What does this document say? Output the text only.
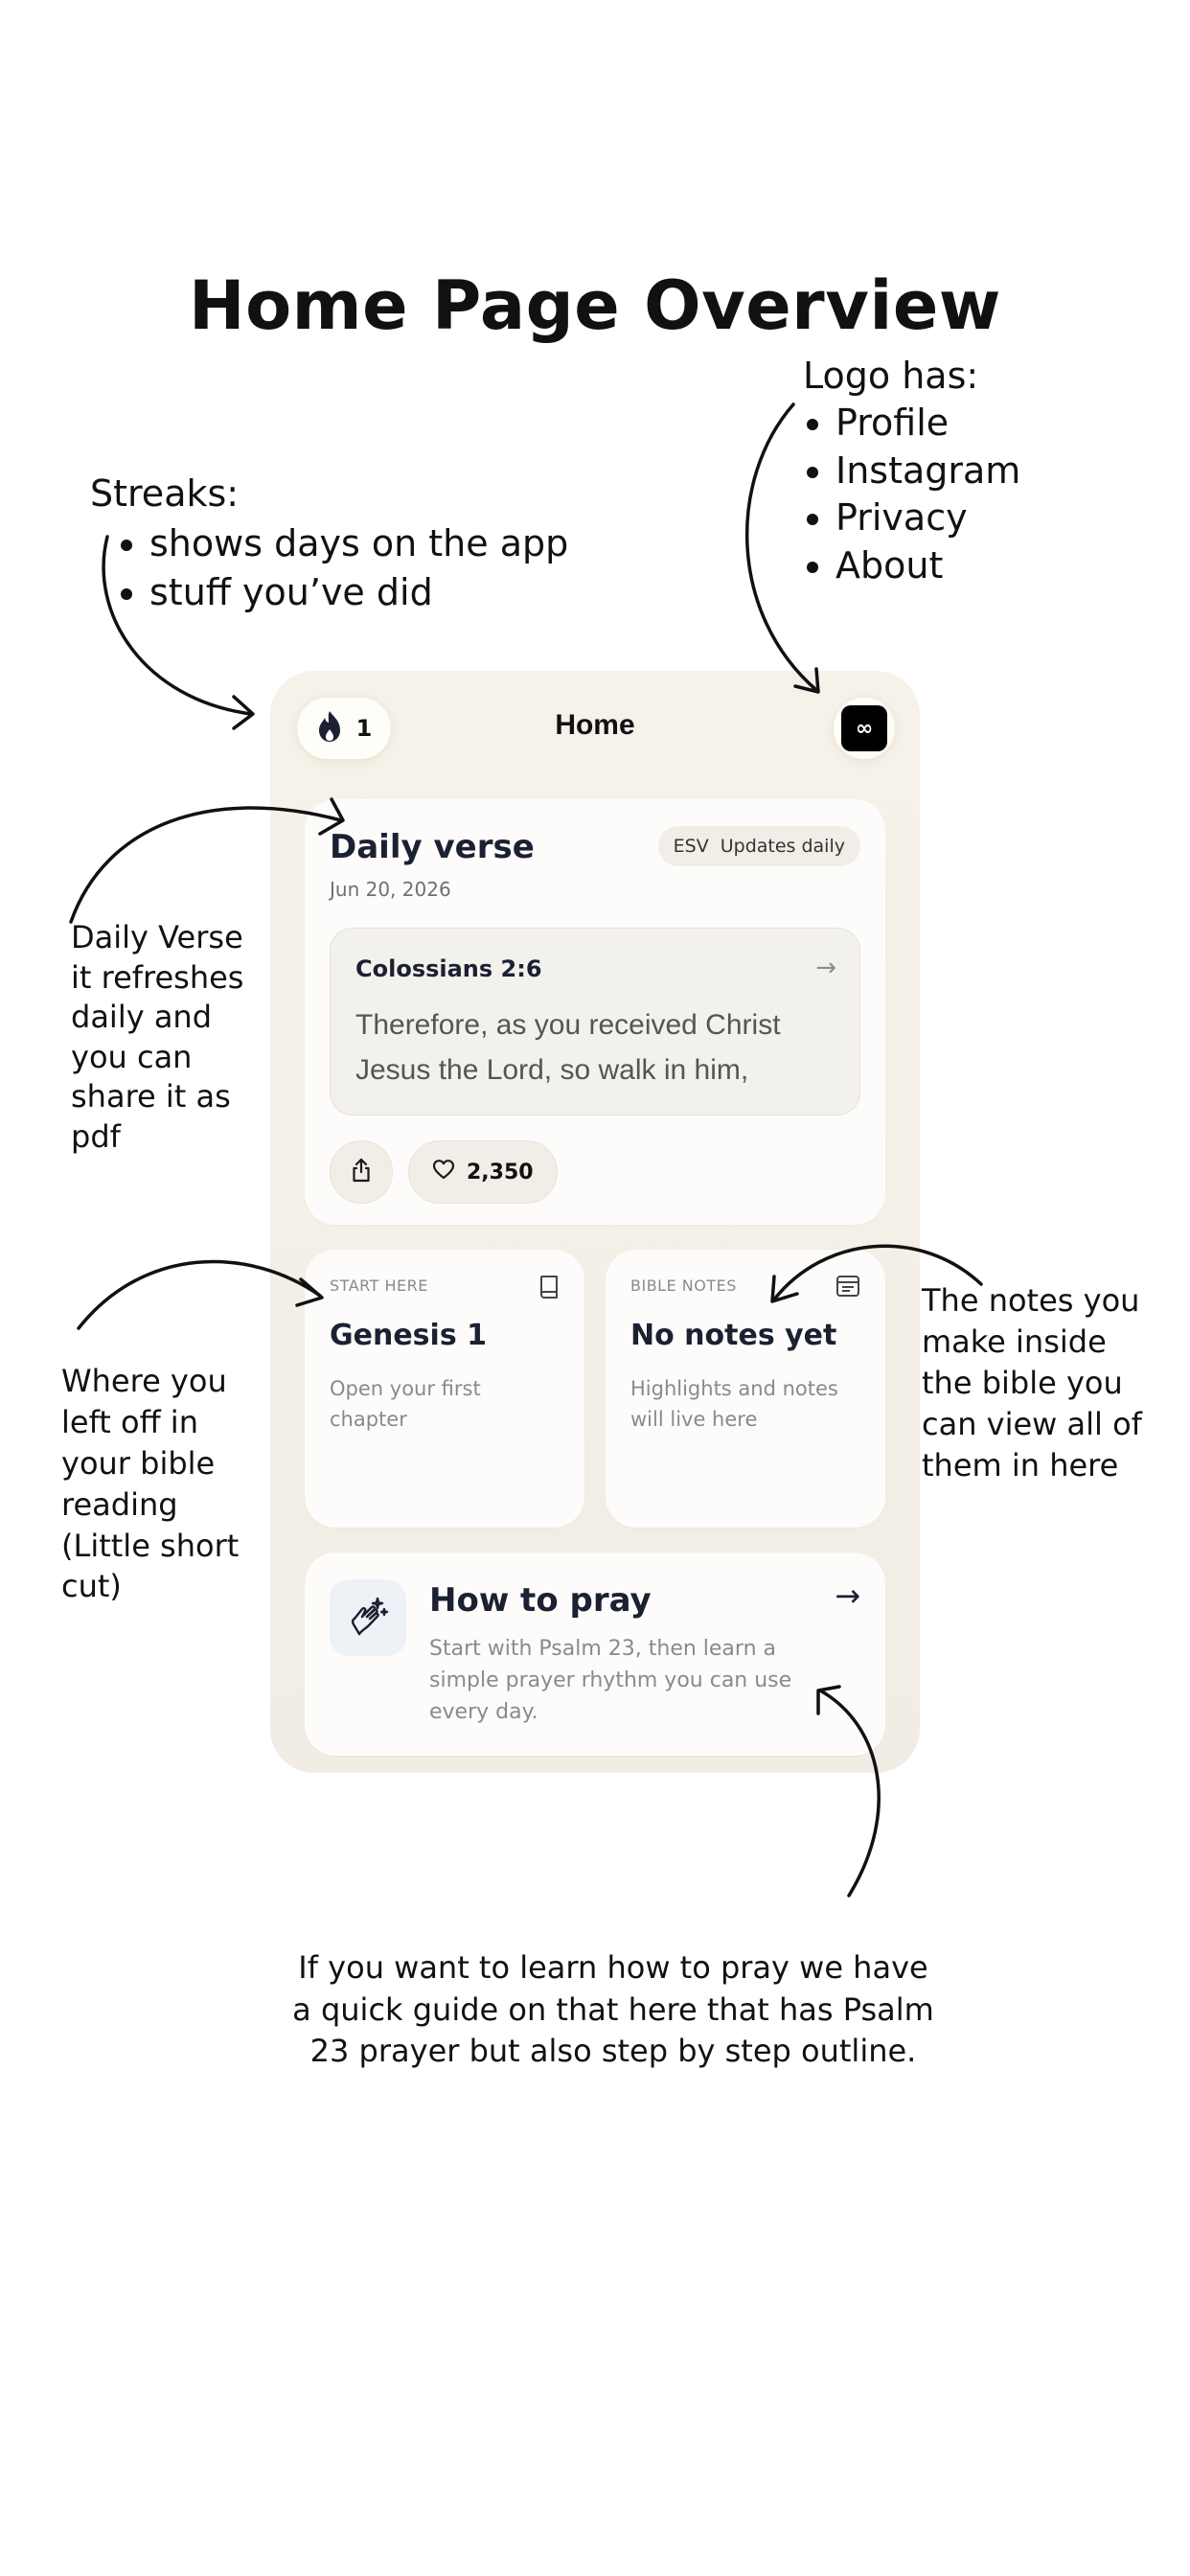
Home Page Overview
Logo has:
• Profile
• Instagram
• Privacy
• About
Streaks:
• shows days on the app
• stuff you’ve did
Daily Verse it refreshes daily and you can share it as pdf
Where you left off in your bible reading (Little short cut)
The notes you make inside the bible you can view all of them in here
If you want to learn how to pray we have a quick guide on that here that has Psalm 23 prayer but also step by step outline.
1	Home	∞
Daily verse
Jun 20, 2026
ESV Updates daily
Colossians 2:6	→
Therefore, as you received Christ Jesus the Lord, so walk in him,
2,350
START HERE
Genesis 1
Open your first chapter
BIBLE NOTES
No notes yet
Highlights and notes will live here
How to pray	→
Start with Psalm 23, then learn a simple prayer rhythm you can use every day.
